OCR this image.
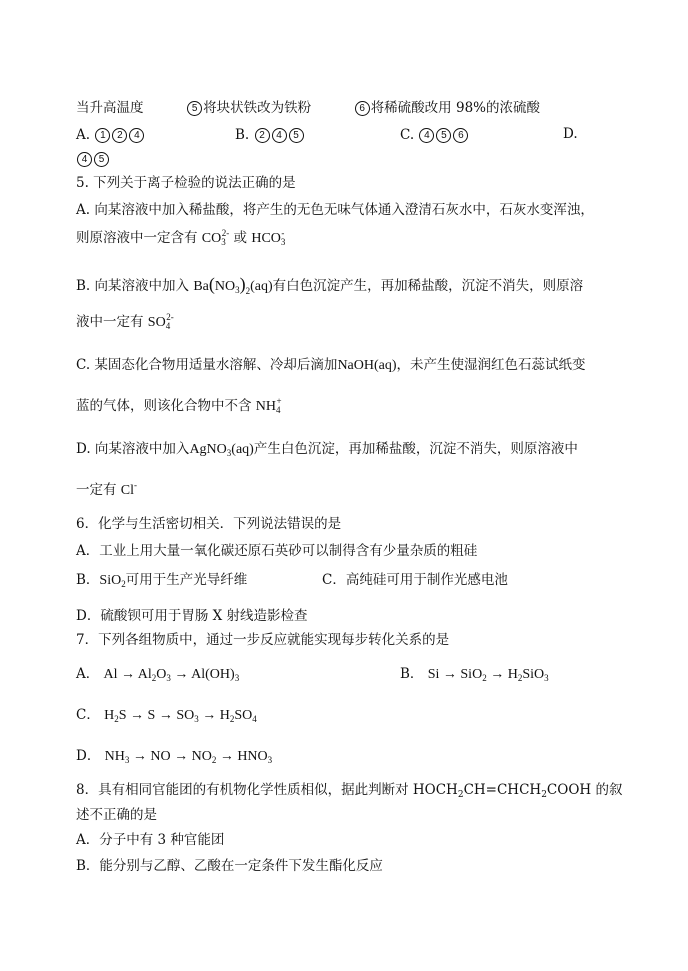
当升高温度	5 将块状铁改为铁粉	6 将稀硫酸改用 98%的浓硫酸
A. 1 2 4	B. 2 4 5	C. 4 5 6	D.
4 5
5. 下列关于离子检验的说法正确的是
A. 向某溶液中加入稀盐酸，将产生的无色无味气体通入澄清石灰水中，石灰水变浑浊，
则原溶液中一定含有 $CO_3^{2-}$ 或 $HCO_3^-$
B. 向某溶液中加入 $Ba(NO_3)_2(aq)$有白色沉淀产生，再加稀盐酸，沉淀不消失，则原溶
液中一定有 $SO_4^{2-}$
C. 某固态化合物用适量水溶解、冷却后滴加NaOH(aq)，未产生使湿润红色石蕊试纸变
蓝的气体，则该化合物中不含 $NH_4^+$
D. 向某溶液中加入AgNO$_3$(aq)产生白色沉淀，再加稀盐酸，沉淀不消失，则原溶液中
一定有 Cl-
6．化学与生活密切相关．下列说法错误的是
A．工业上用大量一氧化碳还原石英砂可以制得含有少量杂质的粗硅
B．SiO$_2$可用于生产光导纤维	C．高纯硅可用于制作光感电池
D．硫酸钡可用于胃肠 X 射线造影检查
7．下列各组物质中，通过一步反应就能实现每步转化关系的是
A． $Al \to Al_2O_3 \to Al(OH)_3$	B． $Si \to SiO_2 \to H_2SiO_3$
C． $H_2S \to S \to SO_3 \to H_2SO_4$
D． $NH_3$ → NO → $NO_2 \to HNO_3$
8．具有相同官能团的有机物化学性质相似，据此判断对 $HOCH_2CH=CHCH_2COOH$ 的叙
述不正确的是
A．分子中有 3 种官能团
B．能分别与乙醇、乙酸在一定条件下发生酯化反应
